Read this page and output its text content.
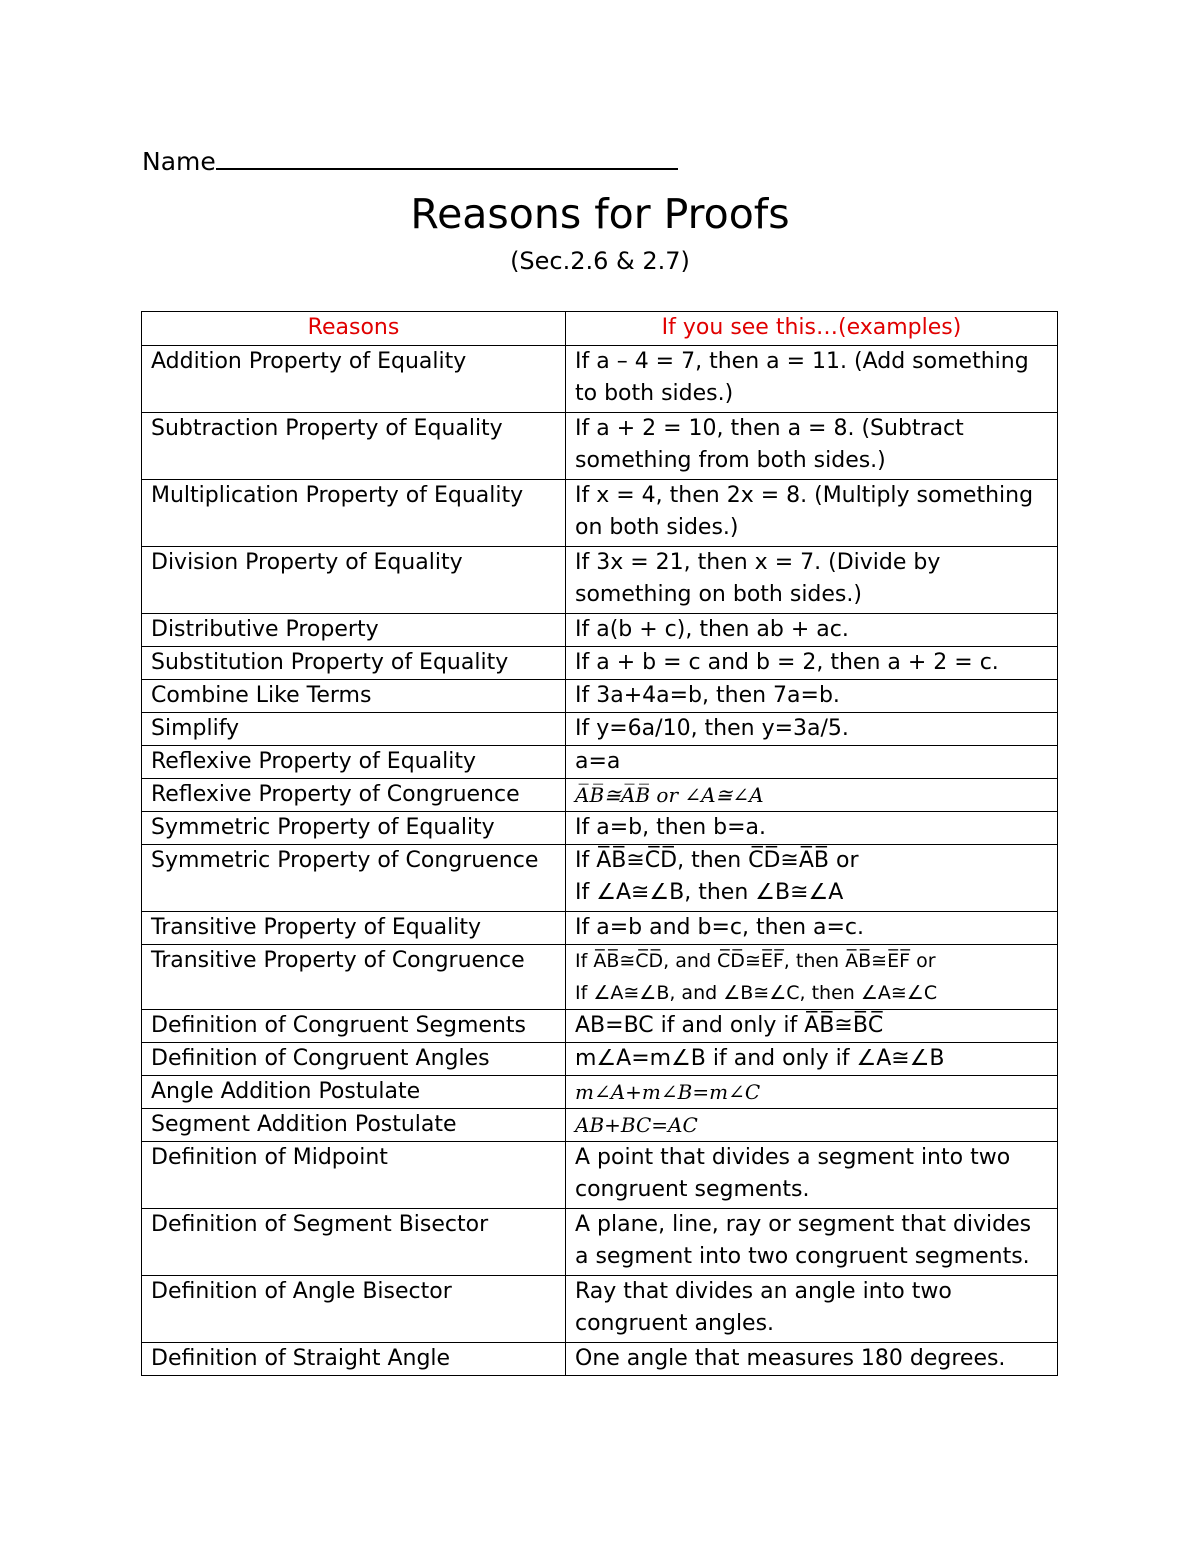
Name
Reasons for Proofs
(Sec.2.6 & 2.7)
Reasons	If you see this…(examples)
Addition Property of Equality	If a – 4 = 7, then a = 11. (Add something to both sides.)
Subtraction Property of Equality	If a + 2 = 10, then a = 8. (Subtract something from both sides.)
Multiplication Property of Equality	If x = 4, then 2x = 8. (Multiply something on both sides.)
Division Property of Equality	If 3x = 21, then x = 7. (Divide by something on both sides.)
Distributive Property	If a(b + c), then ab + ac.
Substitution Property of Equality	If a + b = c and b = 2, then a + 2 = c.
Combine Like Terms	If 3a+4a=b, then 7a=b.
Simplify	If y=6a/10, then y=3a/5.
Reflexive Property of Equality	a=a
Reflexive Property of Congruence	A̅B̅≅A̅B̅ or ∠A≅∠A
Symmetric Property of Equality	If a=b, then b=a.
Symmetric Property of Congruence	If A̅B̅≅C̅D̅, then C̅D̅≅A̅B̅ or
If ∠A≅∠B, then ∠B≅∠A

Transitive Property of Equality	If a=b and b=c, then a=c.
Transitive Property of Congruence	If A̅B̅≅C̅D̅, and C̅D̅≅E̅F̅, then A̅B̅≅E̅F̅ or
If ∠A≅∠B, and ∠B≅∠C, then ∠A≅∠C

Definition of Congruent Segments	AB=BC if and only if A̅B̅≅B̅C̅
Definition of Congruent Angles	m∠A=m∠B if and only if ∠A≅∠B
Angle Addition Postulate	m∠A+m∠B=m∠C
Segment Addition Postulate	AB+BC=AC
Definition of Midpoint	A point that divides a segment into two congruent segments.
Definition of Segment Bisector	A plane, line, ray or segment that divides a segment into two congruent segments.
Definition of Angle Bisector	Ray that divides an angle into two congruent angles.
Definition of Straight Angle	One angle that measures 180 degrees.
